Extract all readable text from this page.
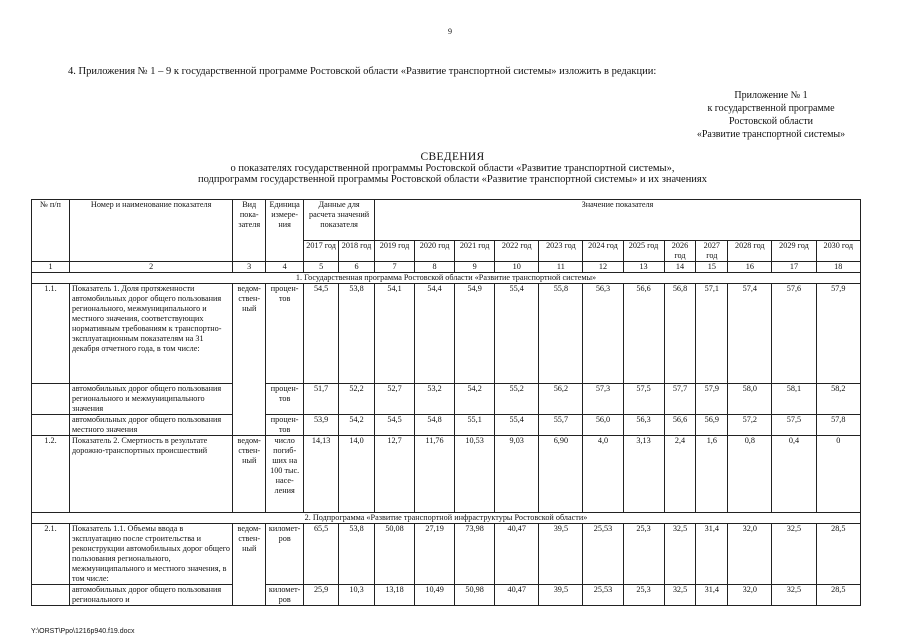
9
4. Приложения № 1 – 9 к государственной программе Ростовской области «Развитие транспортной системы» изложить в редакции:
Приложение № 1
к государственной программе
Ростовской области
«Развитие транспортной системы»
СВЕДЕНИЯ
о показателях государственной программы Ростовской области «Развитие транспортной системы»,
подпрограмм государственной программы Ростовской области «Развитие транспортной системы» и их значениях
№ п/п	Номер и наименование показателя	Вид пока-зателя	Единица измере-ния	Данные для расчета значений показателя		Значение показателя											
				2017 год	2018 год	2019 год	2020 год	2021 год	2022 год	2023 год	2024 год	2025 год	2026 год	2027 год	2028 год	2029 год	2030 год
1	2	3	4	5	6	7	8	9	10	11	12	13	14	15	16	17	18
1. Государственная программа Ростовской области «Развитие транспортной системы»																	
1.1.	Показатель 1. Доля протяженности автомобильных дорог общего пользования регионального, межмуниципального и местного значения, соответствующих нормативным требованиям к транспортно-эксплуатационным показателям на 31 декабря отчетного года, в том числе:	ведом-ствен-ный	процен-тов	54,5	53,8	54,1	54,4	54,9	55,4	55,8	56,3	56,6	56,8	57,1	57,4	57,6	57,9
	автомобильных дорог общего пользования регионального и межмуниципального значения		процен-тов	51,7	52,2	52,7	53,2	54,2	55,2	56,2	57,3	57,5	57,7	57,9	58,0	58,1	58,2
	автомобильных дорог общего пользования местного значения		процен-тов	53,9	54,2	54,5	54,8	55,1	55,4	55,7	56,0	56,3	56,6	56,9	57,2	57,5	57,8
1.2.	Показатель 2. Смертность в результате дорожно-транспортных происшествий	ведом-ствен-ный	число погиб-ших на 100 тыс. насе-ления	14,13	14,0	12,7	11,76	10,53	9,03	6,90	4,0	3,13	2,4	1,6	0,8	0,4	0
2. Подпрограмма «Развитие транспортной инфраструктуры Ростовской области»																	
2.1.	Показатель 1.1. Объемы ввода в эксплуатацию после строительства и реконструкции автомобильных дорог общего пользования регионального, межмуниципального и местного значения, в том числе:	ведом-ствен-ный	километ-ров	65,5	53,8	50,08	27,19	73,98	40,47	39,5	25,53	25,3	32,5	31,4	32,0	32,5	28,5
	автомобильных дорог общего пользования регионального и		километ-ров	25,9	10,3	13,18	10,49	50,98	40,47	39,5	25,53	25,3	32,5	31,4	32,0	32,5	28,5
Y:\ORST\Ppo\1216p940.f19.docx
